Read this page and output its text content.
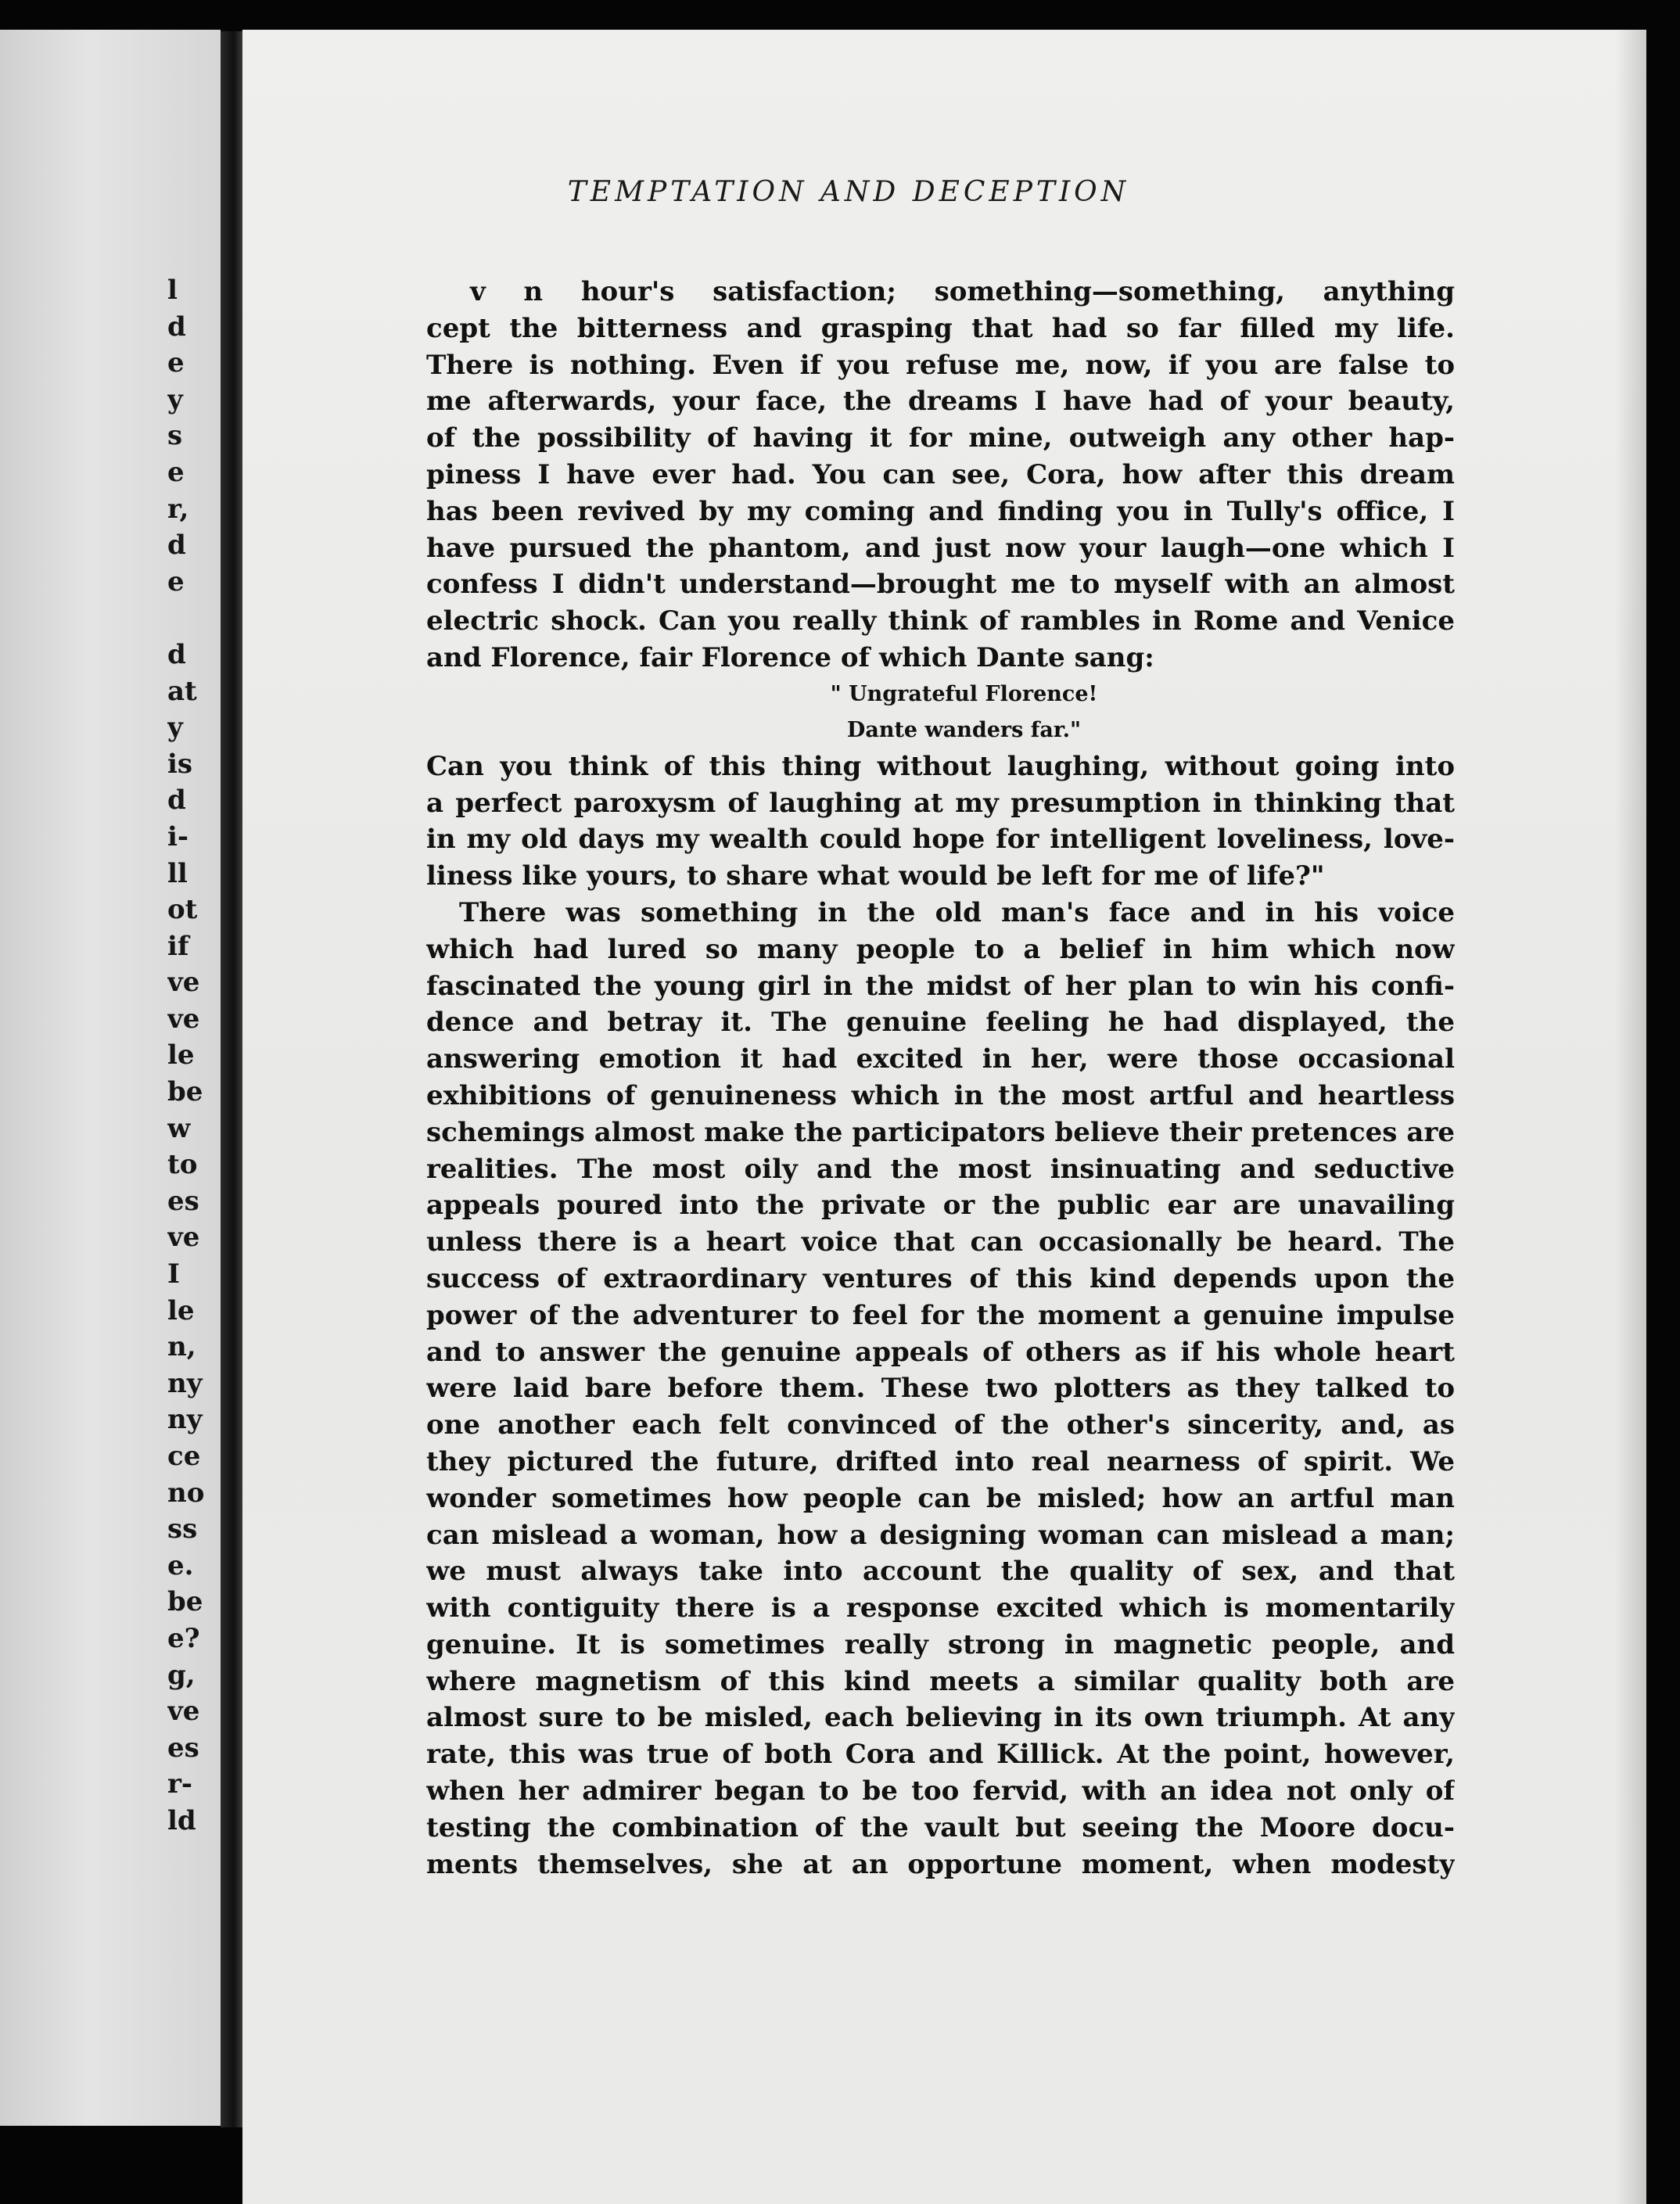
l
d
e
y
s
e
r,
d
e
d
at
y
is
d
i-
ll
ot
if
ve
ve
le
be
w
to
es
ve
I
le
n,
ny
ny
ce
no
ss
e.
be
e?
g,
ve
es
r-
ld
TEMPTATION AND DECEPTION
v n hour's satisfaction; something—something, anything
cept the bitterness and grasping that had so far filled my life.
There is nothing. Even if you refuse me, now, if you are false to
me afterwards, your face, the dreams I have had of your beauty,
of the possibility of having it for mine, outweigh any other hap-
piness I have ever had. You can see, Cora, how after this dream
has been revived by my coming and finding you in Tully's office, I
have pursued the phantom, and just now your laugh—one which I
confess I didn't understand—brought me to myself with an almost
electric shock. Can you really think of rambles in Rome and Venice
and Florence, fair Florence of which Dante sang:
" Ungrateful Florence!
Dante wanders far."
Can you think of this thing without laughing, without going into
a perfect paroxysm of laughing at my presumption in thinking that
in my old days my wealth could hope for intelligent loveliness, love-
liness like yours, to share what would be left for me of life?"
There was something in the old man's face and in his voice
which had lured so many people to a belief in him which now
fascinated the young girl in the midst of her plan to win his confi-
dence and betray it. The genuine feeling he had displayed, the
answering emotion it had excited in her, were those occasional
exhibitions of genuineness which in the most artful and heartless
schemings almost make the participators believe their pretences are
realities. The most oily and the most insinuating and seductive
appeals poured into the private or the public ear are unavailing
unless there is a heart voice that can occasionally be heard. The
success of extraordinary ventures of this kind depends upon the
power of the adventurer to feel for the moment a genuine impulse
and to answer the genuine appeals of others as if his whole heart
were laid bare before them. These two plotters as they talked to
one another each felt convinced of the other's sincerity, and, as
they pictured the future, drifted into real nearness of spirit. We
wonder sometimes how people can be misled; how an artful man
can mislead a woman, how a designing woman can mislead a man;
we must always take into account the quality of sex, and that
with contiguity there is a response excited which is momentarily
genuine. It is sometimes really strong in magnetic people, and
where magnetism of this kind meets a similar quality both are
almost sure to be misled, each believing in its own triumph. At any
rate, this was true of both Cora and Killick. At the point, however,
when her admirer began to be too fervid, with an idea not only of
testing the combination of the vault but seeing the Moore docu-
ments themselves, she at an opportune moment, when modesty
